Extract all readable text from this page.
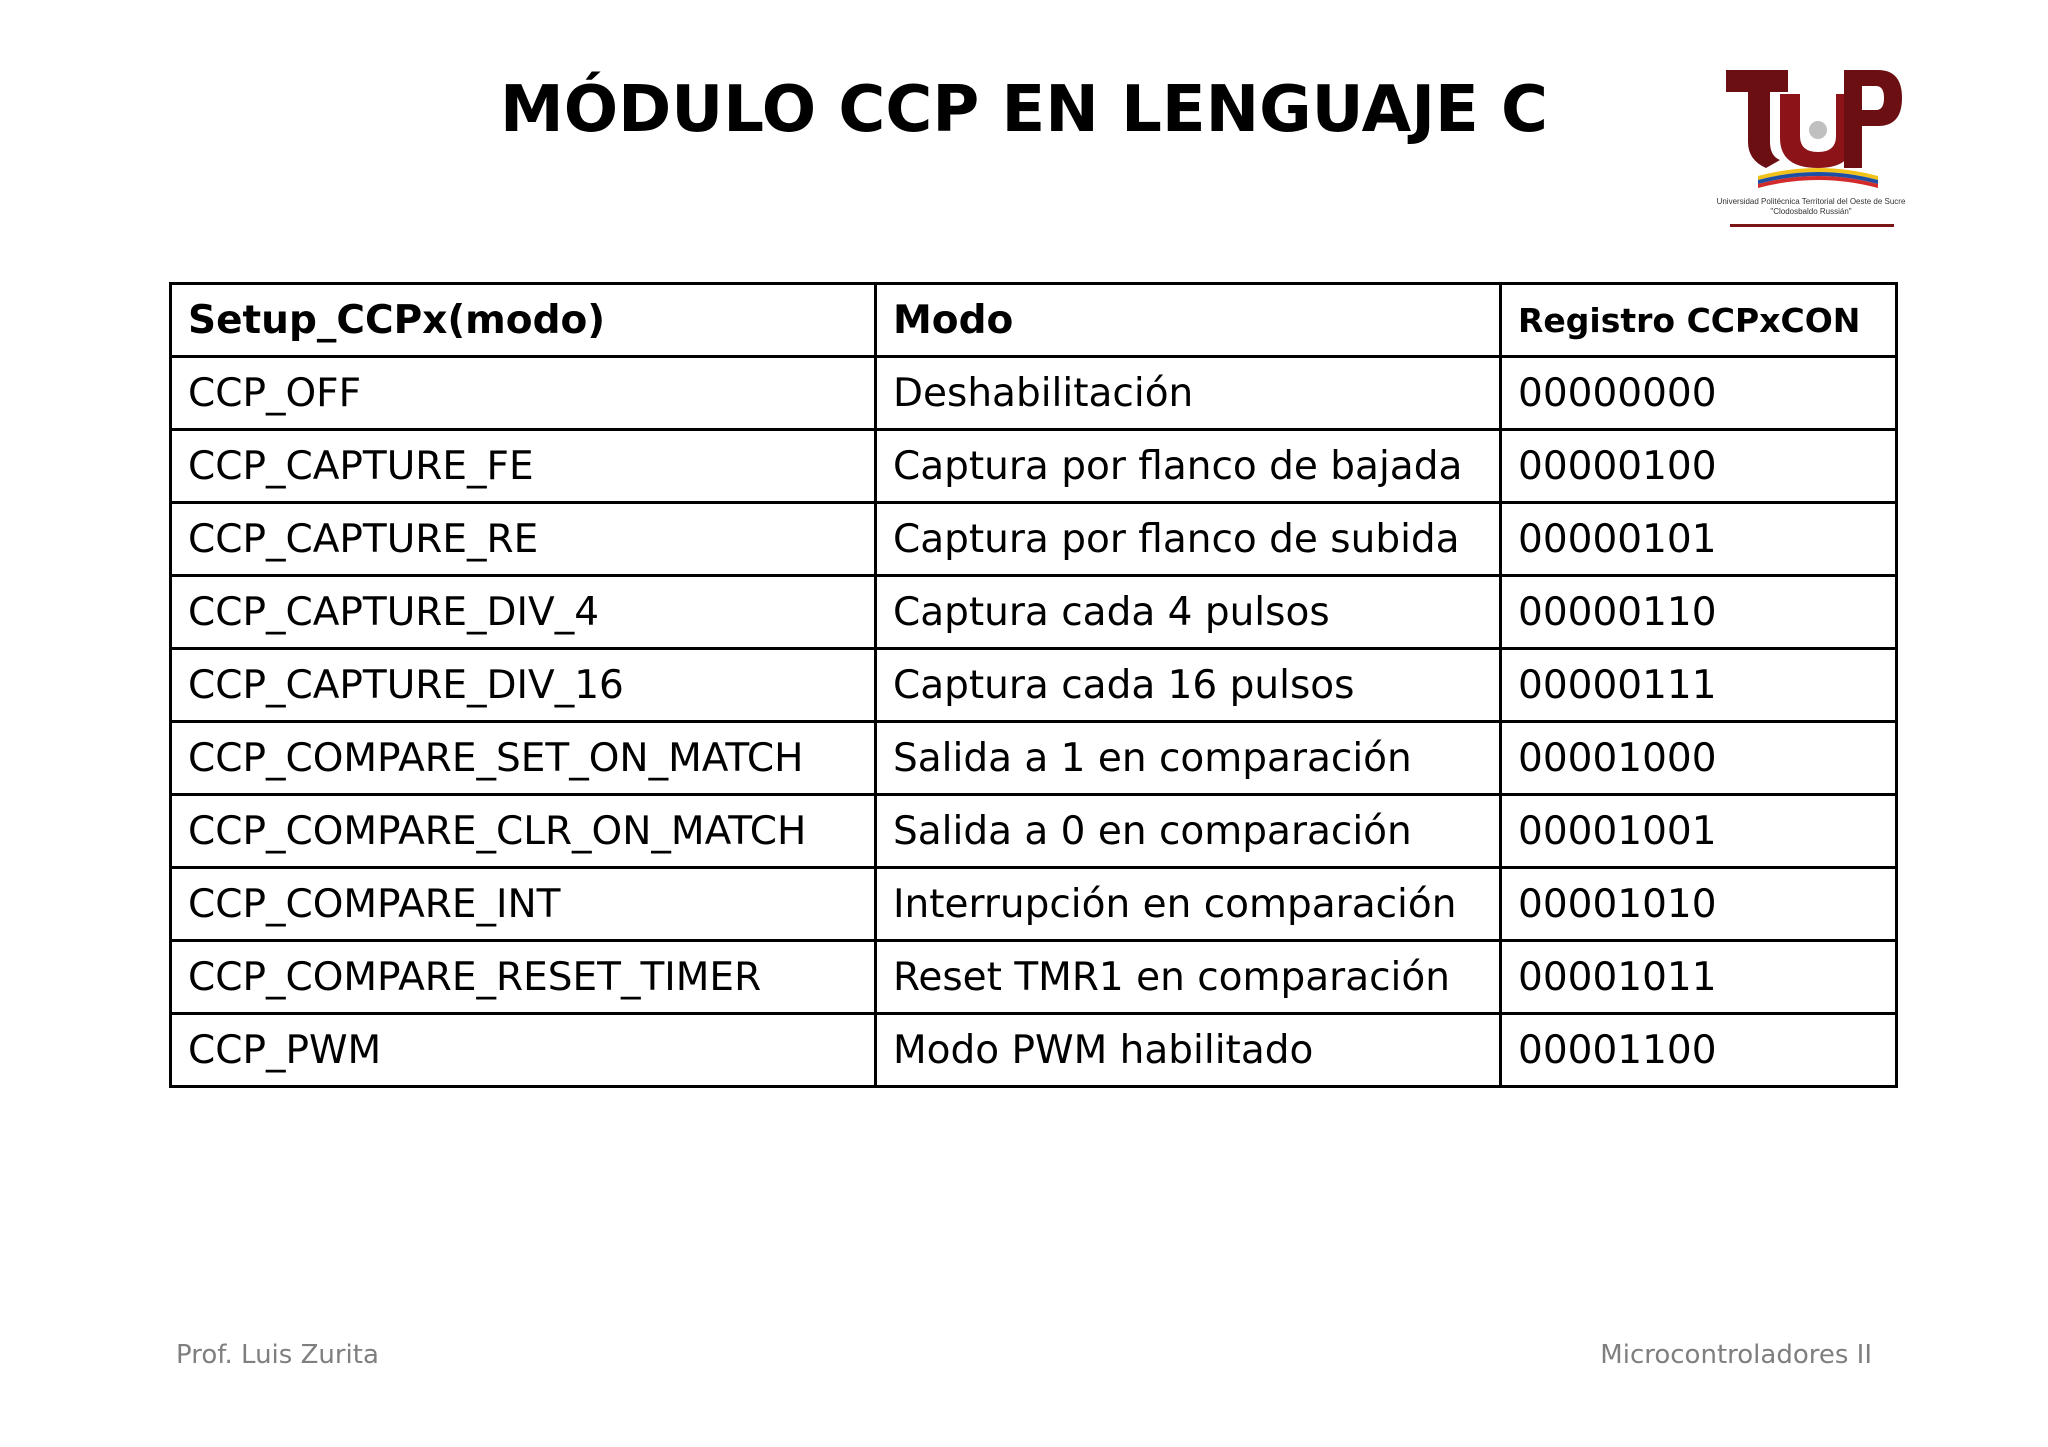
MÓDULO CCP EN LENGUAJE C
Universidad Politécnica Territorial del Oeste de Sucre
"Clodosbaldo Russián"
Setup_CCPx(modo)	Modo	Registro CCPxCON
CCP_OFF	Deshabilitación	00000000
CCP_CAPTURE_FE	Captura por flanco de bajada	00000100
CCP_CAPTURE_RE	Captura por flanco de subida	00000101
CCP_CAPTURE_DIV_4	Captura cada 4 pulsos	00000110
CCP_CAPTURE_DIV_16	Captura cada 16 pulsos	00000111
CCP_COMPARE_SET_ON_MATCH	Salida a 1 en comparación	00001000
CCP_COMPARE_CLR_ON_MATCH	Salida a 0 en comparación	00001001
CCP_COMPARE_INT	Interrupción en comparación	00001010
CCP_COMPARE_RESET_TIMER	Reset TMR1 en comparación	00001011
CCP_PWM	Modo PWM habilitado	00001100
Prof. Luis Zurita	Microcontroladores II
